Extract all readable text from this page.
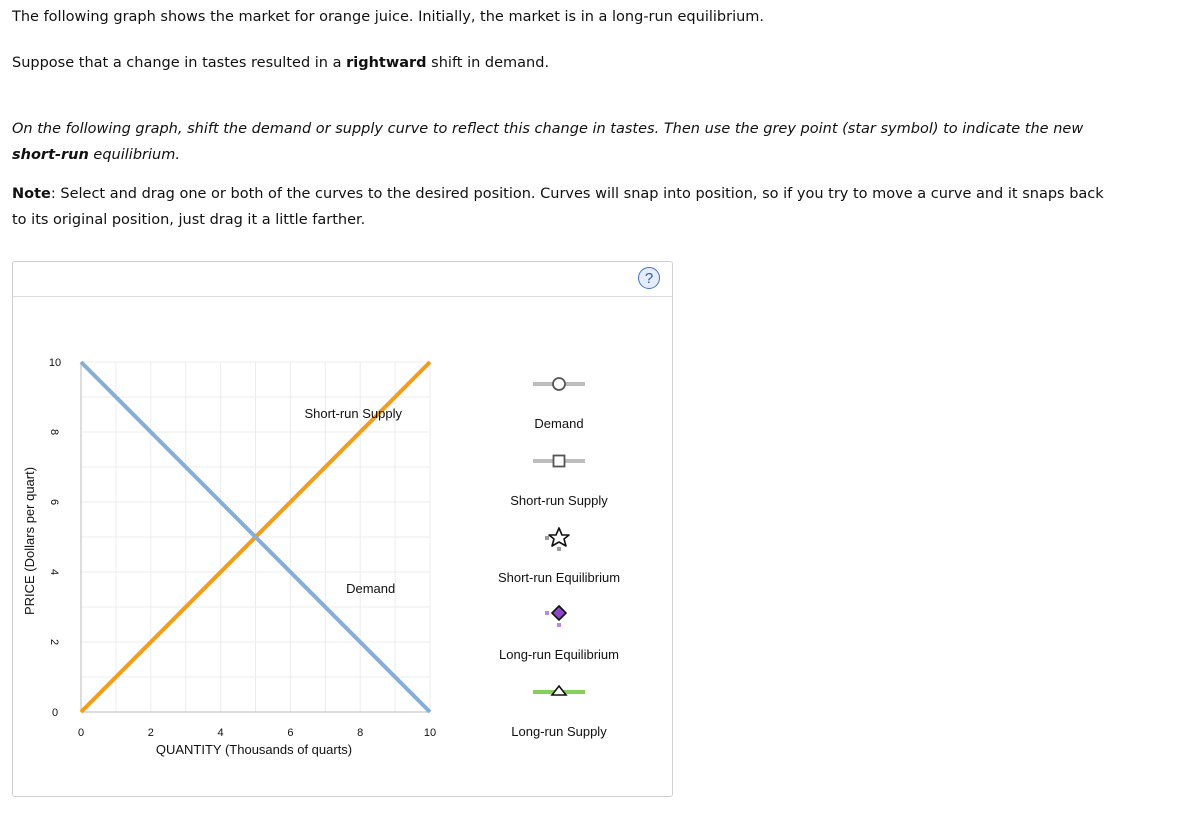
The following graph shows the market for orange juice. Initially, the market is in a long-run equilibrium.
Suppose that a change in tastes resulted in a rightward shift in demand.
On the following graph, shift the demand or supply curve to reflect this change in tastes. Then use the grey point (star symbol) to indicate the new
short-run equilibrium.
Note: Select and drag one or both of the curves to the desired position. Curves will snap into position, so if you try to move a curve and it snaps back
to its original position, just drag it a little farther.
?
Demand
Short-run Supply
0	2	4	6	8	10
0
2
4
6
8
10
QUANTITY (Thousands of quarts)
PRICE (Dollars per quart)
Demand
Short-run Supply
Short-run Equilibrium
Long-run Equilibrium
Long-run Supply
